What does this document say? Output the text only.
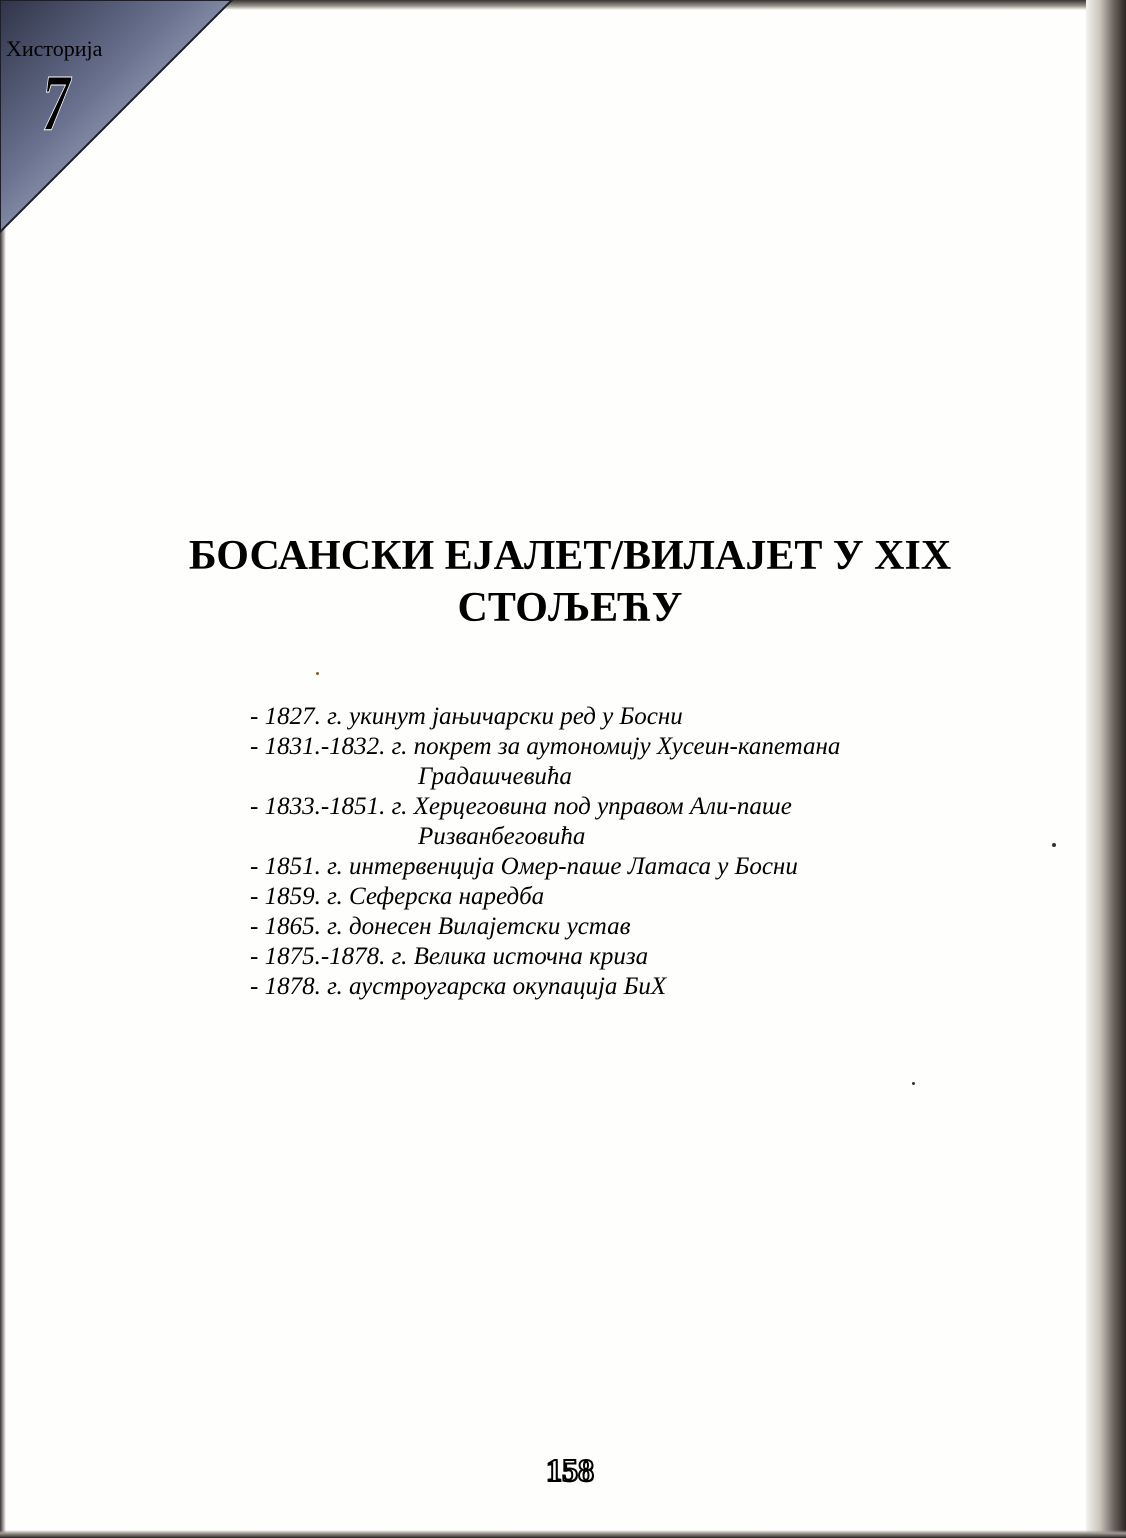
Хисторија
7
БОСАНСКИ ЕЈАЛЕТ/ВИЛАЈЕТ У XIX
СТОЉЕЋУ
- 1827. г. укинут јањичарски ред у Босни
- 1831.-1832. г. покрет за аутономију Хусеин-капетана
Градашчевића
- 1833.-1851. г. Херцеговина под управом Али-паше
Ризванбеговића
- 1851. г. интервенција Омер-паше Латаса у Босни
- 1859. г. Сеферска наредба
- 1865. г. донесен Вилајетски устав
- 1875.-1878. г. Велика источна криза
- 1878. г. аустроугарска окупација БиХ
158
